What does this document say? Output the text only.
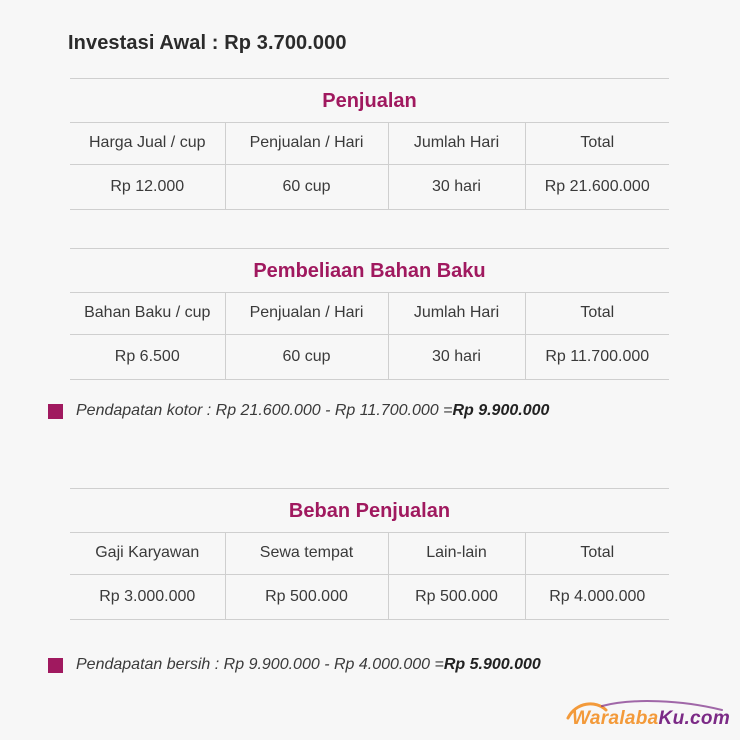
Investasi Awal : Rp 3.700.000
Penjualan
Harga Jual / cup	Penjualan / Hari	Jumlah Hari	Total
Rp 12.000	60 cup	30 hari	Rp 21.600.000
Pembeliaan Bahan Baku
Bahan Baku / cup	Penjualan / Hari	Jumlah Hari	Total
Rp 6.500	60 cup	30 hari	Rp 11.700.000
Pendapatan kotor : Rp 21.600.000 - Rp 11.700.000 = Rp 9.900.000
Beban Penjualan
Gaji Karyawan	Sewa tempat	Lain-lain	Total
Rp 3.000.000	Rp 500.000	Rp 500.000	Rp 4.000.000
Pendapatan bersih : Rp 9.900.000 - Rp 4.000.000 = Rp 5.900.000
WaralabaKu.com
